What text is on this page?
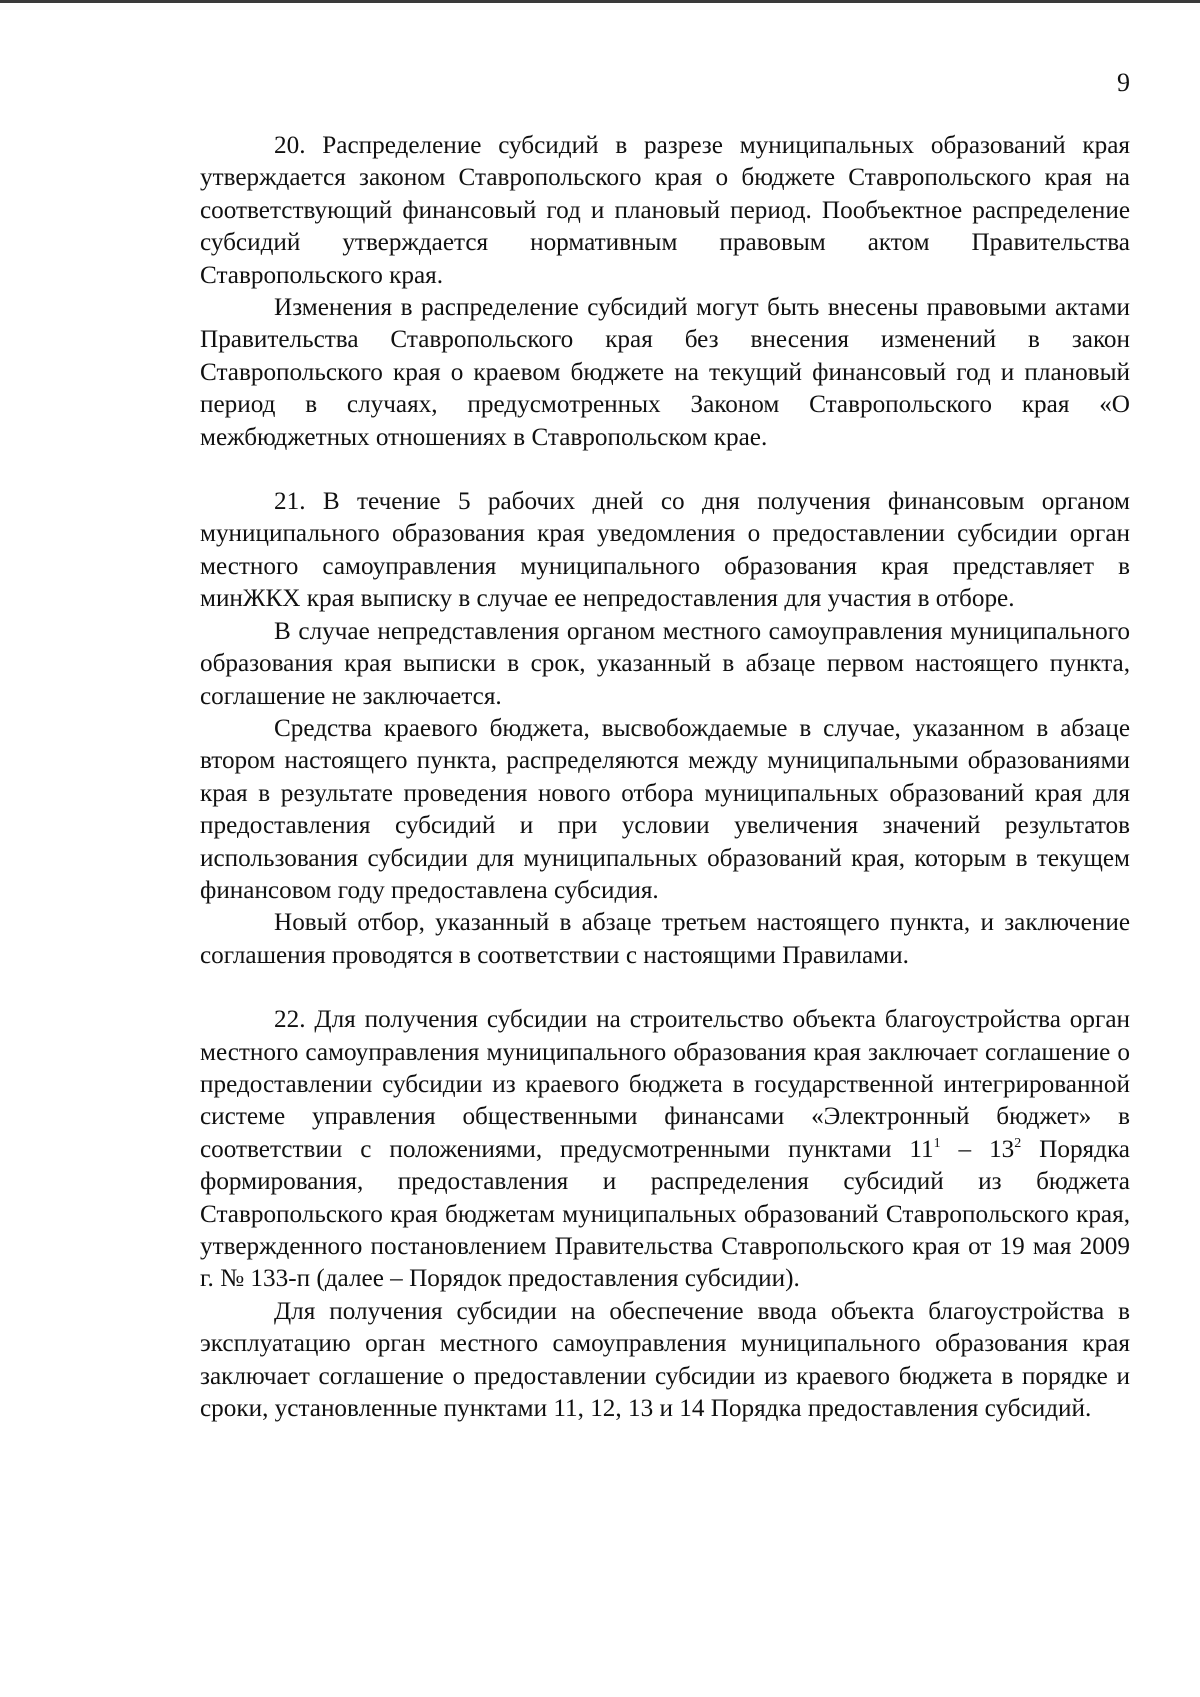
9

20. Распределение субсидий в разрезе муниципальных образований края утверждается законом Ставропольского края о бюджете Ставропольского края на соответствующий финансовый год и плановый период. Пообъектное распределение субсидий утверждается нормативным правовым актом Правительства Ставропольского края.

Изменения в распределение субсидий могут быть внесены правовыми актами Правительства Ставропольского края без внесения изменений в закон Ставропольского края о краевом бюджете на текущий финансовый год и плановый период в случаях, предусмотренных Законом Ставропольского края «О межбюджетных отношениях в Ставропольском крае.

21. В течение 5 рабочих дней со дня получения финансовым органом муниципального образования края уведомления о предоставлении субсидии орган местного самоуправления муниципального образования края представляет в минЖКХ края выписку в случае ее непредоставления для участия в отборе.

В случае непредставления органом местного самоуправления муниципального образования края выписки в срок, указанный в абзаце первом настоящего пункта, соглашение не заключается.

Средства краевого бюджета, высвобождаемые в случае, указанном в абзаце втором настоящего пункта, распределяются между муниципальными образованиями края в результате проведения нового отбора муниципальных образований края для предоставления субсидий и при условии увеличения значений результатов использования субсидии для муниципальных образований края, которым в текущем финансовом году предоставлена субсидия.

Новый отбор, указанный в абзаце третьем настоящего пункта, и заключение соглашения проводятся в соответствии с настоящими Правилами.

22. Для получения субсидии на строительство объекта благоустройства орган местного самоуправления муниципального образования края заключает соглашение о предоставлении субсидии из краевого бюджета в государственной интегрированной системе управления общественными финансами «Электронный бюджет» в соответствии с положениями, предусмотренными пунктами $11^1 - 13^2$ Порядка формирования, предоставления и распределения субсидий из бюджета Ставропольского края бюджетам муниципальных образований Ставропольского края, утвержденного постановлением Правительства Ставропольского края от 19 мая 2009 г. № 133-п (далее – Порядок предоставления субсидии).

Для получения субсидии на обеспечение ввода объекта благоустройства в эксплуатацию орган местного самоуправления муниципального образования края заключает соглашение о предоставлении субсидии из краевого бюджета в порядке и сроки, установленные пунктами 11, 12, 13 и 14 Порядка предоставления субсидий.
